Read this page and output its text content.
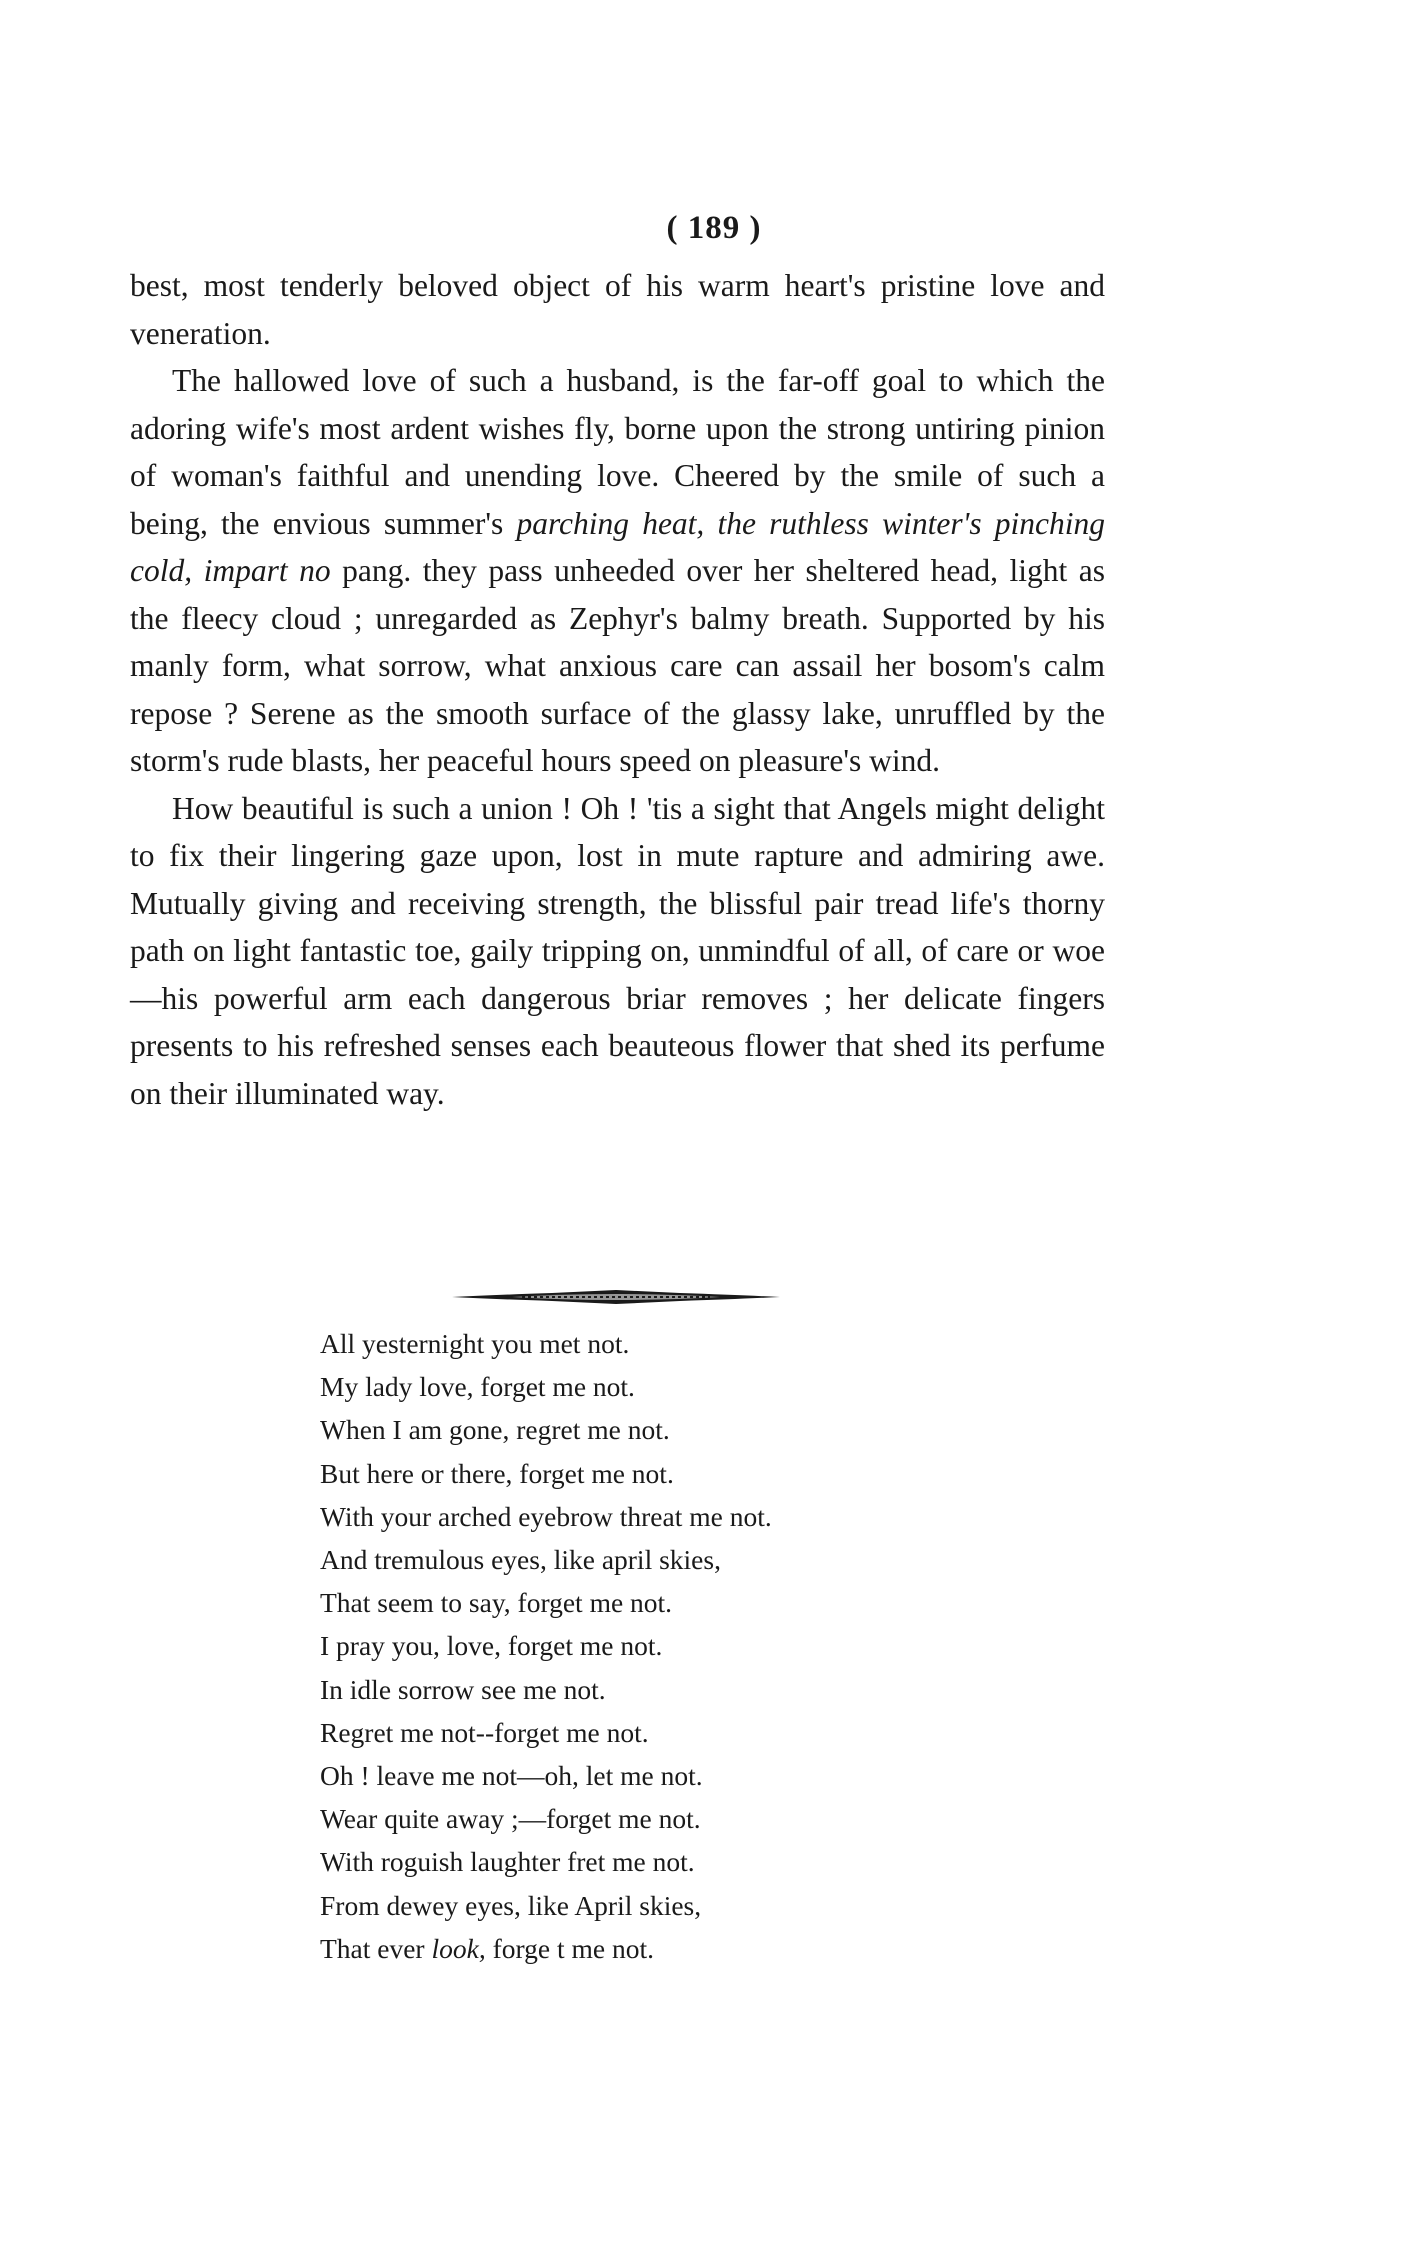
( 189 )

best, most tenderly beloved object of his warm heart's pristine love and veneration.

The hallowed love of such a husband, is the far-off goal to which the adoring wife's most ardent wishes fly, borne upon the strong untiring pinion of woman's faithful and unending love. Cheered by the smile of such a being, the envious summer's parching heat, the ruthless winter's pinching cold, impart no pang. they pass unheeded over her sheltered head, light as the fleecy cloud ; unregarded as Zephyr's balmy breath. Supported by his manly form, what sorrow, what anxious care can assail her bosom's calm repose ? Serene as the smooth surface of the glassy lake, unruffled by the storm's rude blasts, her peaceful hours speed on pleasure's wind.

How beautiful is such a union ! Oh ! 'tis a sight that Angels might delight to fix their lingering gaze upon, lost in mute rapture and admiring awe. Mutually giving and receiving strength, the blissful pair tread life's thorny path on light fantastic toe, gaily tripping on, unmindful of all, of care or woe—his powerful arm each dangerous briar removes ; her delicate fingers presents to his refreshed senses each beauteous flower that shed its perfume on their illuminated way.

All yesternight you met not.
My lady love, forget me not.
When I am gone, regret me not.
But here or there, forget me not.
With your arched eyebrow threat me not.
And tremulous eyes, like april skies,
That seem to say, forget me not.
I pray you, love, forget me not.
In idle sorrow see me not.
Regret me not--forget me not.
Oh ! leave me not—oh, let me not.
Wear quite away ;—forget me not.
With roguish laughter fret me not.
From dewey eyes, like April skies,
That ever look, forge t me not.
